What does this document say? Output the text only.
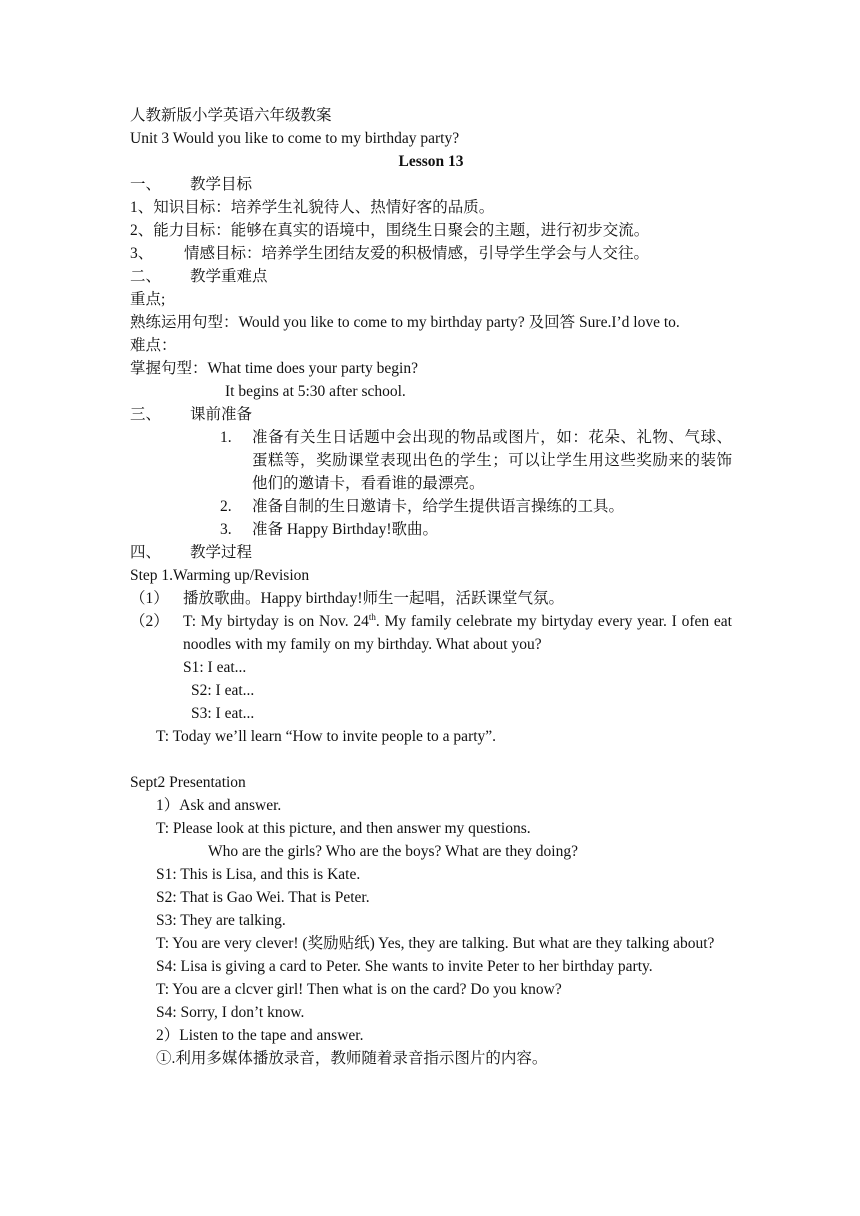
人教新版小学英语六年级教案
Unit 3 Would you like to come to my birthday party?
Lesson 13
一、 教学目标
1、知识目标：培养学生礼貌待人、热情好客的品质。
2、能力目标：能够在真实的语境中，围绕生日聚会的主题，进行初步交流。
3、 情感目标：培养学生团结友爱的积极情感，引导学生学会与人交往。
二、 教学重难点
重点;
熟练运用句型：Would you like to come to my birthday party? 及回答 Sure.I’d love to.
难点：
掌握句型：What time does your party begin?
It begins at 5:30 after school.
三、 课前准备
1.	准备有关生日话题中会出现的物品或图片，如：花朵、礼物、气球、蛋糕等，奖励课堂表现出色的学生；可以让学生用这些奖励来的装饰他们的邀请卡，看看谁的最漂亮。
2.	准备自制的生日邀请卡，给学生提供语言操练的工具。
3.	准备 Happy Birthday!歌曲。
四、 教学过程
Step 1.Warming up/Revision
（1） 播放歌曲。Happy birthday!师生一起唱，活跃课堂气氛。
（2） T: My birtyday is on Nov. 24th. My family celebrate my birtyday every year. I ofen eat noodles with my family on my birthday. What about you?
S1: I eat...
S2: I eat...
S3: I eat...
T: Today we’ll learn “How to invite people to a party”.
Sept2 Presentation
1）Ask and answer.
T: Please look at this picture, and then answer my questions.
Who are the girls? Who are the boys? What are they doing?
S1: This is Lisa, and this is Kate.
S2: That is Gao Wei. That is Peter.
S3: They are talking.
T: You are very clever! (奖励贴纸) Yes, they are talking. But what are they talking about?
S4: Lisa is giving a card to Peter. She wants to invite Peter to her birthday party.
T: You are a clcver girl! Then what is on the card? Do you know?
S4: Sorry, I don’t know.
2）Listen to the tape and answer.
①.利用多媒体播放录音，教师随着录音指示图片的内容。
